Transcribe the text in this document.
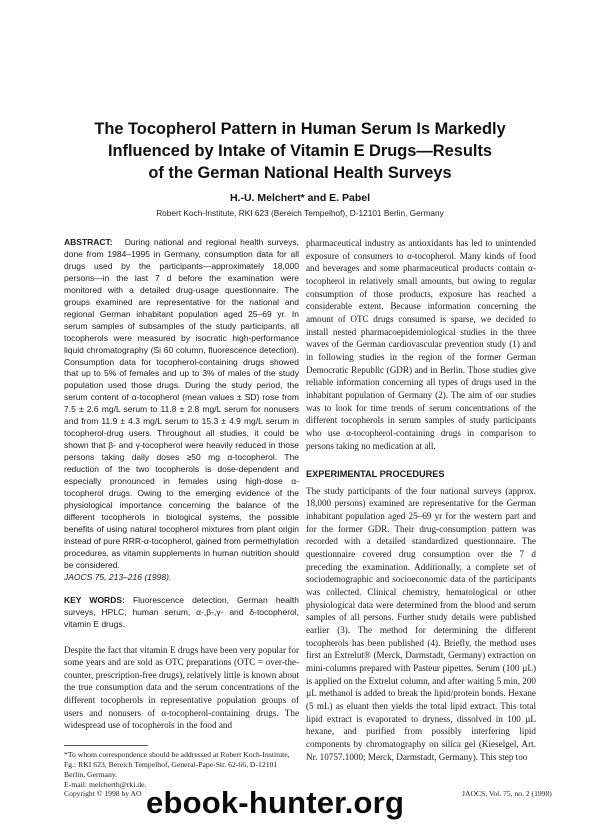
The Tocopherol Pattern in Human Serum Is Markedly
Influenced by Intake of Vitamin E Drugs—Results
of the German National Health Surveys
H.-U. Melchert* and E. Pabel
Robert Koch-Institute, RKI 623 (Bereich Tempelhof), D-12101 Berlin, Germany

ABSTRACT: During national and regional health surveys, done from 1984–1995 in Germany, consumption data for all drugs used by the participants—approximately 18,000 persons—in the last 7 d before the examination were monitored with a detailed drug-usage questionnaire. The groups examined are representative for the national and regional German inhabitant population aged 25–69 yr. In serum samples of subsamples of the study participants, all tocopherols were measured by isocratic high-performance liquid chromatography (Si 60 column, fluorescence detection). Consumption data for tocopherol-containing drugs showed that up to 5% of females and up to 3% of males of the study population used those drugs. During the study period, the serum content of α-tocopherol (mean values ± SD) rose from 7.5 ± 2.6 mg/L serum to 11.8 ± 2.8 mg/L serum for nonusers and from 11.9 ± 4.3 mg/L serum to 15.3 ± 4.9 mg/L serum in tocopherol-drug users. Throughout all studies, it could be shown that β- and γ-tocopherol were heavily reduced in those persons taking daily doses ≥50 mg α-tocopherol. The reduction of the two tocopherols is dose-dependent and especially pronounced in females using high-dose α-tocopherol drugs. Owing to the emerging evidence of the physiological importance concerning the balance of the different tocopherols in biological systems, the possible benefits of using natural tocopherol mixtures from plant origin instead of pure RRR-α-tocopherol, gained from permethylation procedures, as vitamin supplements in human nutrition should be considered.
JAOCS 75, 213–216 (1998).

KEY WORDS: Fluorescence detection, German health surveys, HPLC, human serum, α-,β-,γ- and δ-tocopherol, vitamin E drugs.

Despite the fact that vitamin E drugs have been very popular for some years and are sold as OTC preparations (OTC = over-the-counter, prescription-free drugs), relatively little is known about the true consumption data and the serum concentrations of the different tocopherols in representative population groups of users and nonusers of α-tocopherol-containing drugs. The widespread use of tocopherols in the food and

*To whom correspondence should be addressed at Robert Koch-Institute, Fg.: RKI 623, Bereich Tempelhof, General-Pape-Str. 62-66, D-12101 Berlin, Germany.

E-mail: melcherth@rki.de.

pharmaceutical industry as antioxidants has led to unintended exposure of consumers to α-tocopherol. Many kinds of food and beverages and some pharmaceutical products contain α-tocopherol in relatively small amounts, but owing to regular consumption of those products, exposure has reached a considerable extent. Because information concerning the amount of OTC drugs consumed is sparse, we decided to install nested pharmacoepidemiological studies in the three waves of the German cardiovascular prevention study (1) and in following studies in the region of the former German Democratic Republic (GDR) and in Berlin. Those studies give reliable information concerning all types of drugs used in the inhabitant population of Germany (2). The aim of our studies was to look for time trends of serum concentrations of the different tocopherols in serum samples of study participants who use α-tocopherol-containing drugs in comparison to persons taking no medication at all.

EXPERIMENTAL PROCEDURES

The study participants of the four national surveys (approx. 18,000 persons) examined are representative for the German inhabitant population aged 25–69 yr for the western part and for the former GDR. Their drug-consumption pattern was recorded with a detailed standardized questionnaire. The questionnaire covered drug consumption over the 7 d preceding the examination. Additionally, a complete set of sociodemographic and socioeconomic data of the participants was collected. Clinical chemistry, hematological or other physiological data were determined from the blood and serum samples of all persons. Further study details were published earlier (3). The method for determining the different tocopherols has been published (4). Briefly, the method uses first an Extrelut® (Merck, Darmstadt, Germany) extraction on mini-columns prepared with Pasteur pipettes. Serum (100 µL) is applied on the Extrelut column, and after waiting 5 min, 200 µL methanol is added to break the lipid/protein bonds. Hexane (5 mL) as eluant then yields the total lipid extract. This total lipid extract is evaporated to dryness, dissolved in 100 µL hexane, and purified from possibly interfering lipid components by chromatography on silica gel (Kieselgel, Art. Nr. 10757.1000; Merck, Darmstadt, Germany). This step too

Copyright © 1998 by AO	JAOCS, Vol. 75, no. 2 (1998)
ebook-hunter.org
